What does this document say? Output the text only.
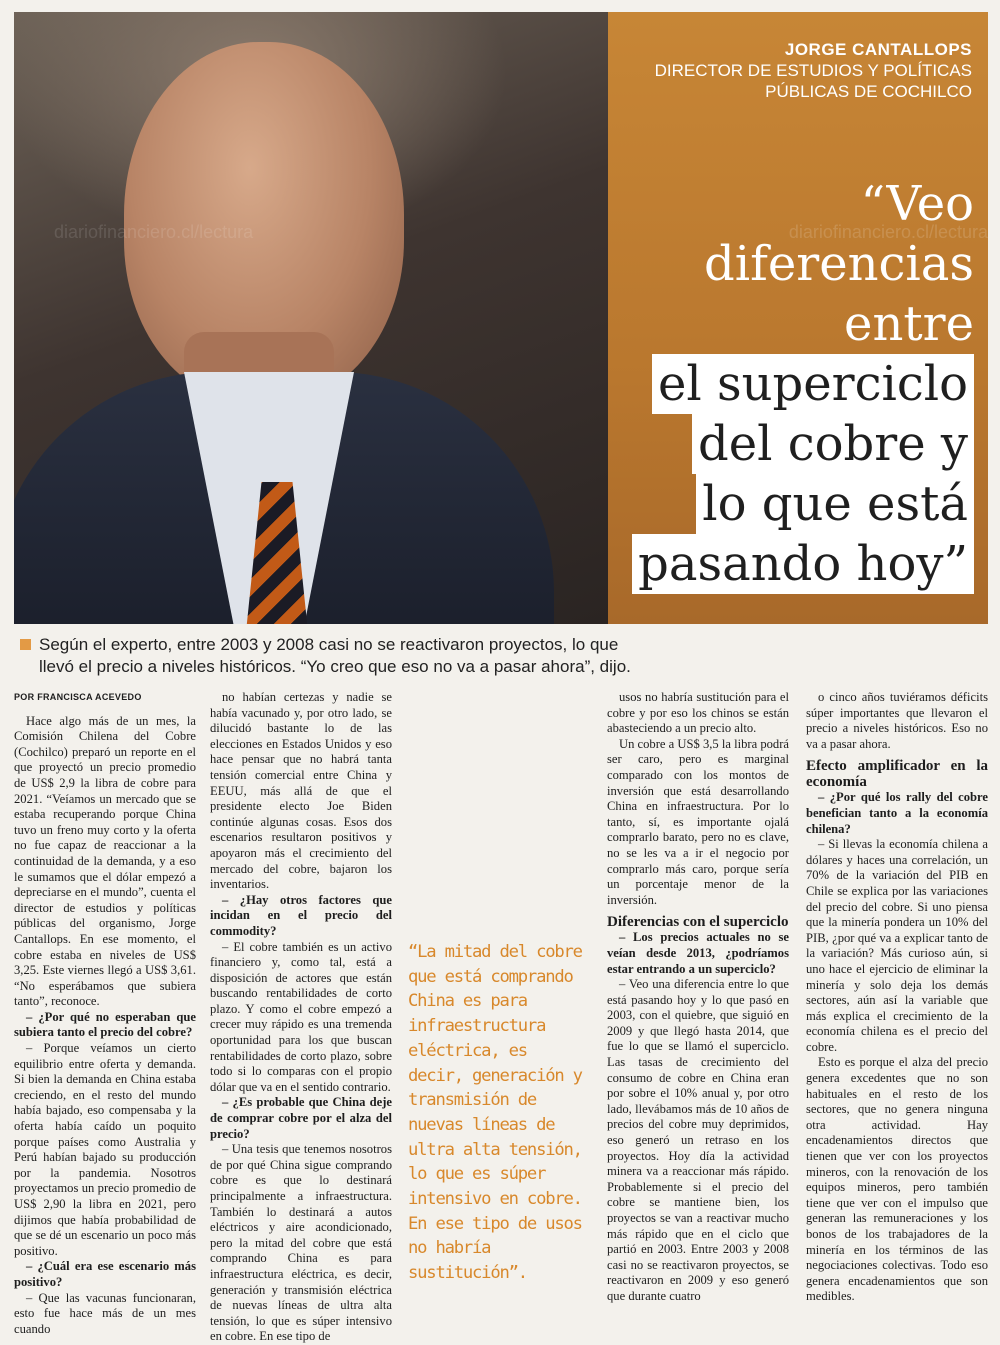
diariofinanciero.cl/lectura	diariofinanciero.cl/lectura
JORGE CANTALLOPS
DIRECTOR DE ESTUDIOS Y POLÍTICAS
PÚBLICAS DE COCHILCO
“Veo
diferencias
entre
el superciclo
del cobre y
lo que está
pasando hoy”
Según el experto, entre 2003 y 2008 casi no se reactivaron proyectos, lo que
llevó el precio a niveles históricos. “Yo creo que eso no va a pasar ahora”, dijo.
POR FRANCISCA ACEVEDO

Hace algo más de un mes, la Comisión Chilena del Cobre (Cochilco) preparó un reporte en el que proyectó un precio promedio de US$ 2,9 la libra de cobre para 2021. “Veíamos un mercado que se estaba recuperando porque China tuvo un freno muy corto y la oferta no fue capaz de reaccionar a la continuidad de la demanda, y a eso le sumamos que el dólar empezó a depreciarse en el mundo”, cuenta el director de estudios y políticas públicas del organismo, Jorge Cantallops. En ese momento, el cobre estaba en niveles de US$ 3,25. Este viernes llegó a US$ 3,61. “No esperábamos que subiera tanto”, reconoce.

– ¿Por qué no esperaban que subiera tanto el precio del cobre?

– Porque veíamos un cierto equilibrio entre oferta y demanda. Si bien la demanda en China estaba creciendo, en el resto del mundo había bajado, eso compensaba y la oferta había caído un poquito porque países como Australia y Perú habían bajado su producción por la pandemia. Nosotros proyectamos un precio promedio de US$ 2,90 la libra en 2021, pero dijimos que había probabilidad de que se dé un escenario un poco más positivo.

– ¿Cuál era ese escenario más positivo?

– Que las vacunas funcionaran, esto fue hace más de un mes cuando

no habían certezas y nadie se había vacunado y, por otro lado, se dilucidó bastante lo de las elecciones en Estados Unidos y eso hace pensar que no habrá tanta tensión comercial entre China y EEUU, más allá de que el presidente electo Joe Biden continúe algunas cosas. Esos dos escenarios resultaron positivos y apoyaron más el crecimiento del mercado del cobre, bajaron los inventarios.

– ¿Hay otros factores que incidan en el precio del commodity?

– El cobre también es un activo financiero y, como tal, está a disposición de actores que están buscando rentabilidades de corto plazo. Y como el cobre empezó a crecer muy rápido es una tremenda oportunidad para los que buscan rentabilidades de corto plazo, sobre todo si lo comparas con el propio dólar que va en el sentido contrario.

– ¿Es probable que China deje de comprar cobre por el alza del precio?

– Una tesis que tenemos nosotros de por qué China sigue comprando cobre es que lo destinará principalmente a infraestructura. También lo destinará a autos eléctricos y aire acondicionado, pero la mitad del cobre que está comprando China es para infraestructura eléctrica, es decir, generación y transmisión eléctrica de nuevas líneas de ultra alta tensión, lo que es súper intensivo en cobre. En ese tipo de

usos no habría sustitución para el cobre y por eso los chinos se están abasteciendo a un precio alto.

Un cobre a US$ 3,5 la libra podrá ser caro, pero es marginal comparado con los montos de inversión que está desarrollando China en infraestructura. Por lo tanto, sí, es importante ojalá comprarlo barato, pero no es clave, no se les va a ir el negocio por comprarlo más caro, porque sería un porcentaje menor de la inversión.

Diferencias con el superciclo

– Los precios actuales no se veían desde 2013, ¿podríamos estar entrando a un superciclo?

– Veo una diferencia entre lo que está pasando hoy y lo que pasó en 2003, con el quiebre, que siguió en 2009 y que llegó hasta 2014, que fue lo que se llamó el superciclo. Las tasas de crecimiento del consumo de cobre en China eran por sobre el 10% anual y, por otro lado, llevábamos más de 10 años de precios del cobre muy deprimidos, eso generó un retraso en los proyectos. Hoy día la actividad minera va a reaccionar más rápido. Probablemente si el precio del cobre se mantiene bien, los proyectos se van a reactivar mucho más rápido que en el ciclo que partió en 2003. Entre 2003 y 2008 casi no se reactivaron proyectos, se reactivaron en 2009 y eso generó que durante cuatro

o cinco años tuviéramos déficits súper importantes que llevaron el precio a niveles históricos. Eso no va a pasar ahora.

Efecto amplificador en la economía

– ¿Por qué los rally del cobre benefician tanto a la economía chilena?

– Si llevas la economía chilena a dólares y haces una correlación, un 70% de la variación del PIB en Chile se explica por las variaciones del precio del cobre. Si uno piensa que la minería pondera un 10% del PIB, ¿por qué va a explicar tanto de la variación? Más curioso aún, si uno hace el ejercicio de eliminar la minería y solo deja los demás sectores, aún así la variable que más explica el crecimiento de la economía chilena es el precio del cobre.

Esto es porque el alza del precio genera excedentes que no son habituales en el resto de los sectores, que no genera ninguna otra actividad. Hay encadenamientos directos que tienen que ver con los proyectos mineros, con la renovación de los equipos mineros, pero también tiene que ver con el impulso que generan las remuneraciones y los bonos de los trabajadores de la minería en los términos de las negociaciones colectivas. Todo eso genera encadenamientos que son medibles.

“La mitad del cobre que está comprando China es para infraestructura eléctrica, es decir, generación y transmisión de nuevas líneas de ultra alta tensión, lo que es súper intensivo en cobre. En ese tipo de usos no habría sustitución”.
